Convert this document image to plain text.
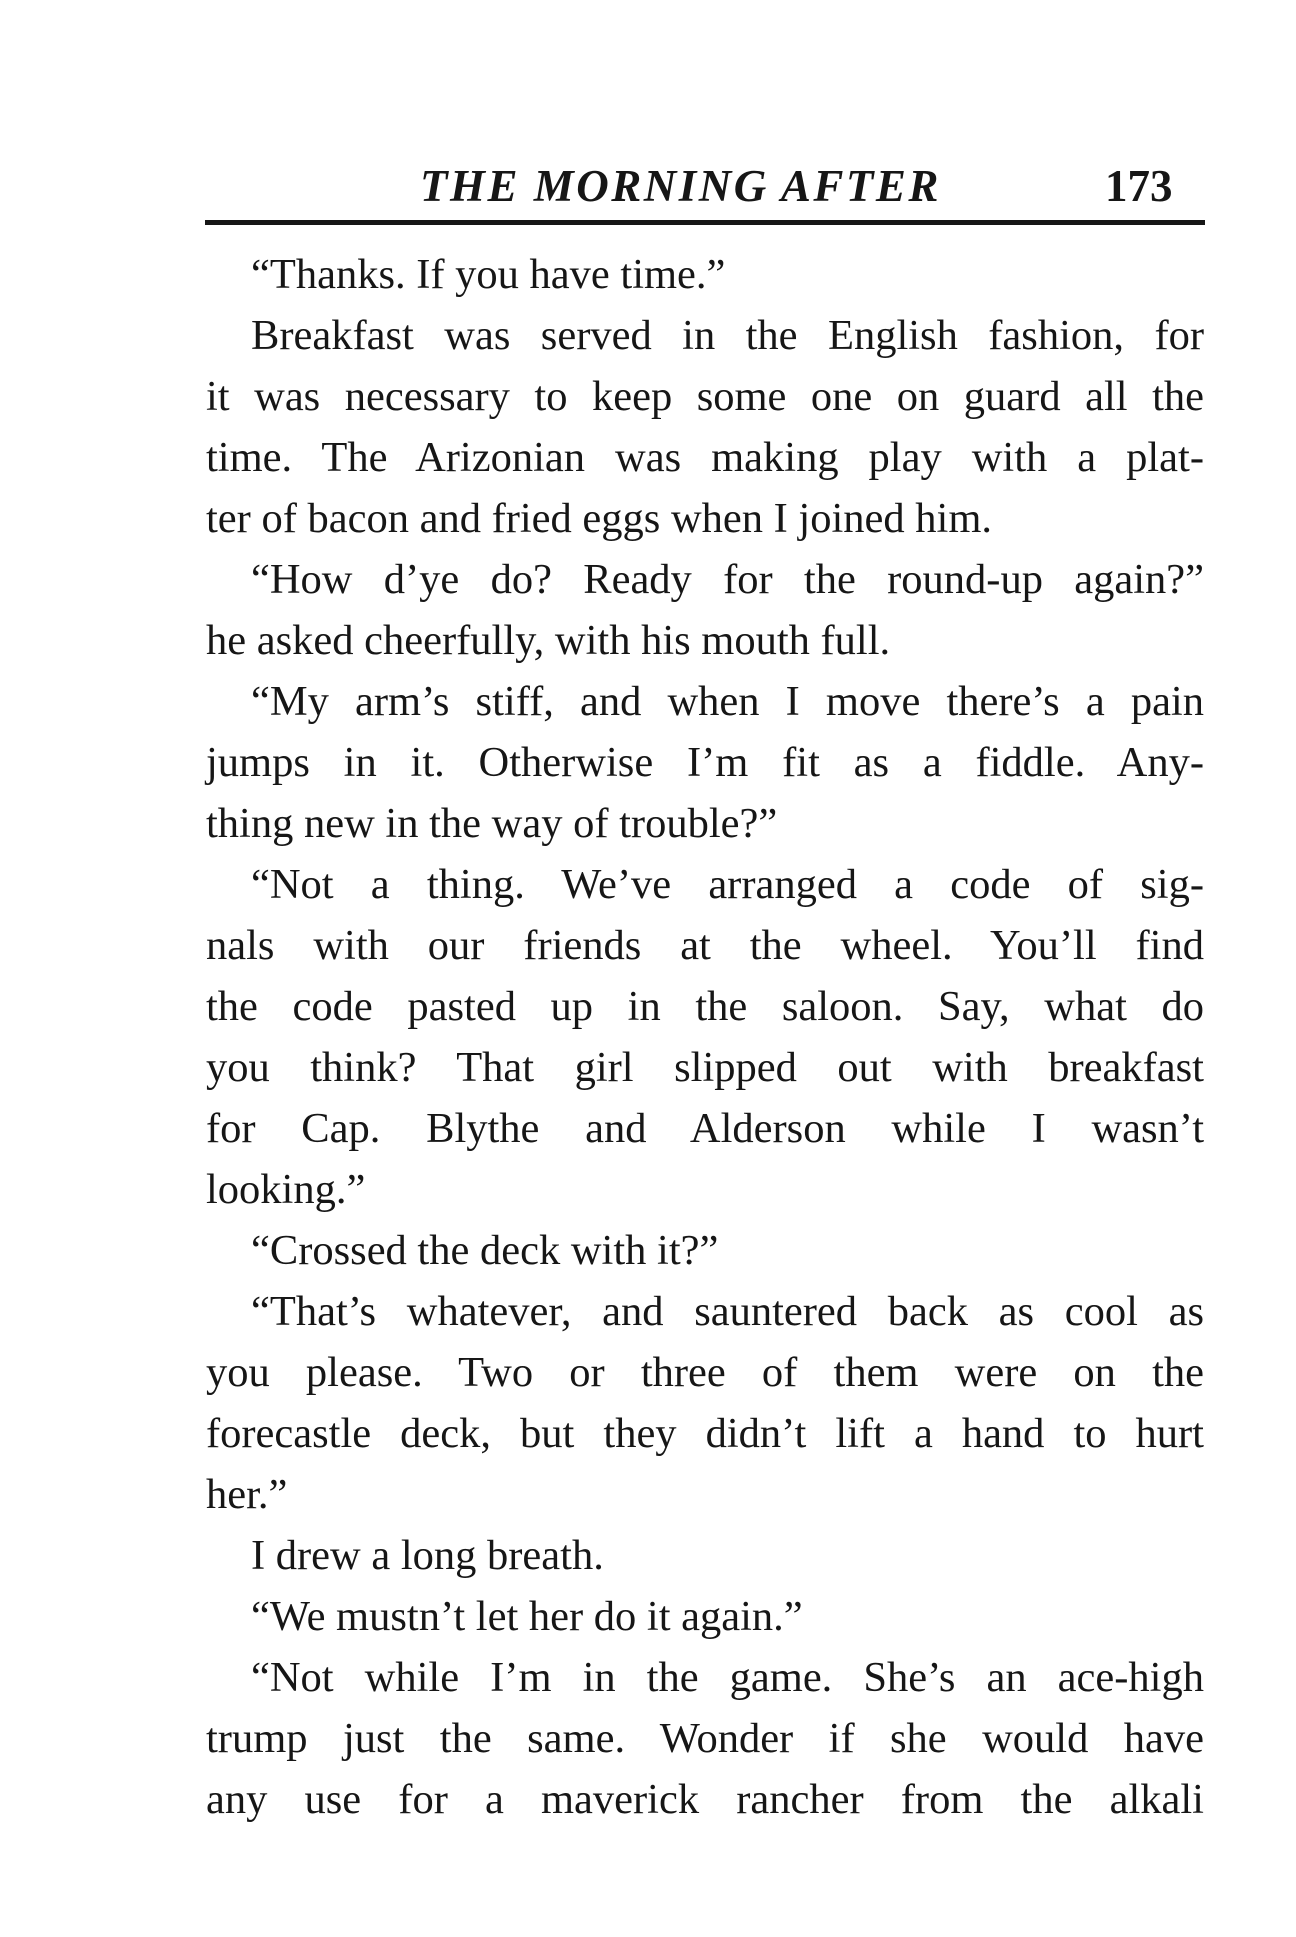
THE MORNING AFTER	173
“Thanks. If you have time.”
Breakfast was served in the English fashion, for
it was necessary to keep some one on guard all the
time. The Arizonian was making play with a plat-
ter of bacon and fried eggs when I joined him.
“How d’ye do? Ready for the round-up again?”
he asked cheerfully, with his mouth full.
“My arm’s stiff, and when I move there’s a pain
jumps in it. Otherwise I’m fit as a fiddle. Any-
thing new in the way of trouble?”
“Not a thing. We’ve arranged a code of sig-
nals with our friends at the wheel. You’ll find
the code pasted up in the saloon. Say, what do
you think? That girl slipped out with breakfast
for Cap. Blythe and Alderson while I wasn’t
looking.”
“Crossed the deck with it?”
“That’s whatever, and sauntered back as cool as
you please. Two or three of them were on the
forecastle deck, but they didn’t lift a hand to hurt
her.”
I drew a long breath.
“We mustn’t let her do it again.”
“Not while I’m in the game. She’s an ace-high
trump just the same. Wonder if she would have
any use for a maverick rancher from the alkali
